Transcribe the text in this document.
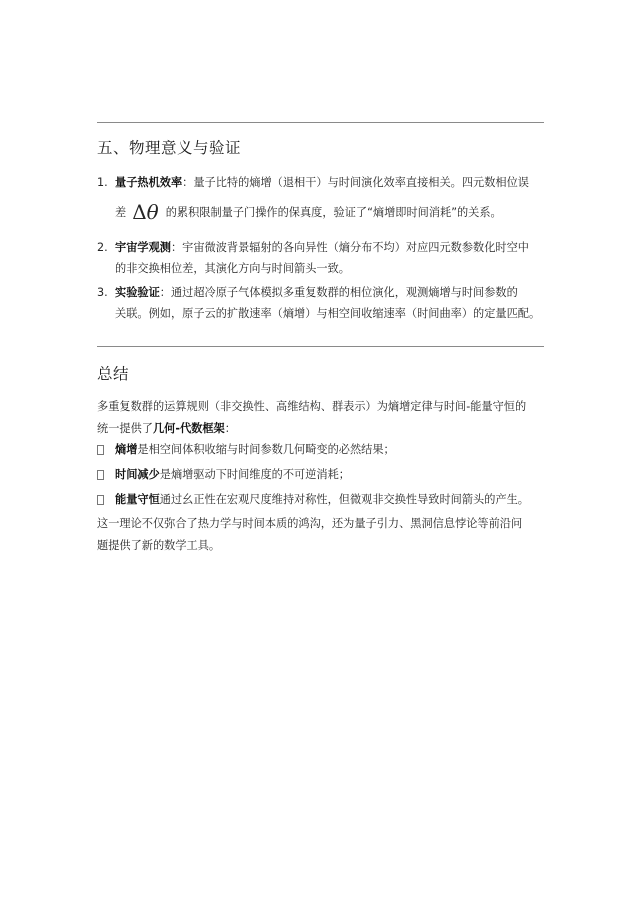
五、物理意义与验证
1. 量子热机效率：量子比特的熵增（退相干）与时间演化效率直接相关。四元数相位误
差 Δθ 的累积限制量子门操作的保真度，验证了“熵增即时间消耗”的关系。
2. 宇宙学观测：宇宙微波背景辐射的各向异性（熵分布不均）对应四元数参数化时空中
的非交换相位差，其演化方向与时间箭头一致。
3. 实验验证：通过超冷原子气体模拟多重复数群的相位演化，观测熵增与时间参数的
关联。例如，原子云的扩散速率（熵增）与相空间收缩速率（时间曲率）的定量匹配。
总结
多重复数群的运算规则（非交换性、高维结构、群表示）为熵增定律与时间-能量守恒的
统一提供了几何-代数框架：
熵增是相空间体积收缩与时间参数几何畸变的必然结果；
时间减少是熵增驱动下时间维度的不可逆消耗；
能量守恒通过幺正性在宏观尺度维持对称性，但微观非交换性导致时间箭头的产生。
这一理论不仅弥合了热力学与时间本质的鸿沟，还为量子引力、黑洞信息悖论等前沿问
题提供了新的数学工具。
